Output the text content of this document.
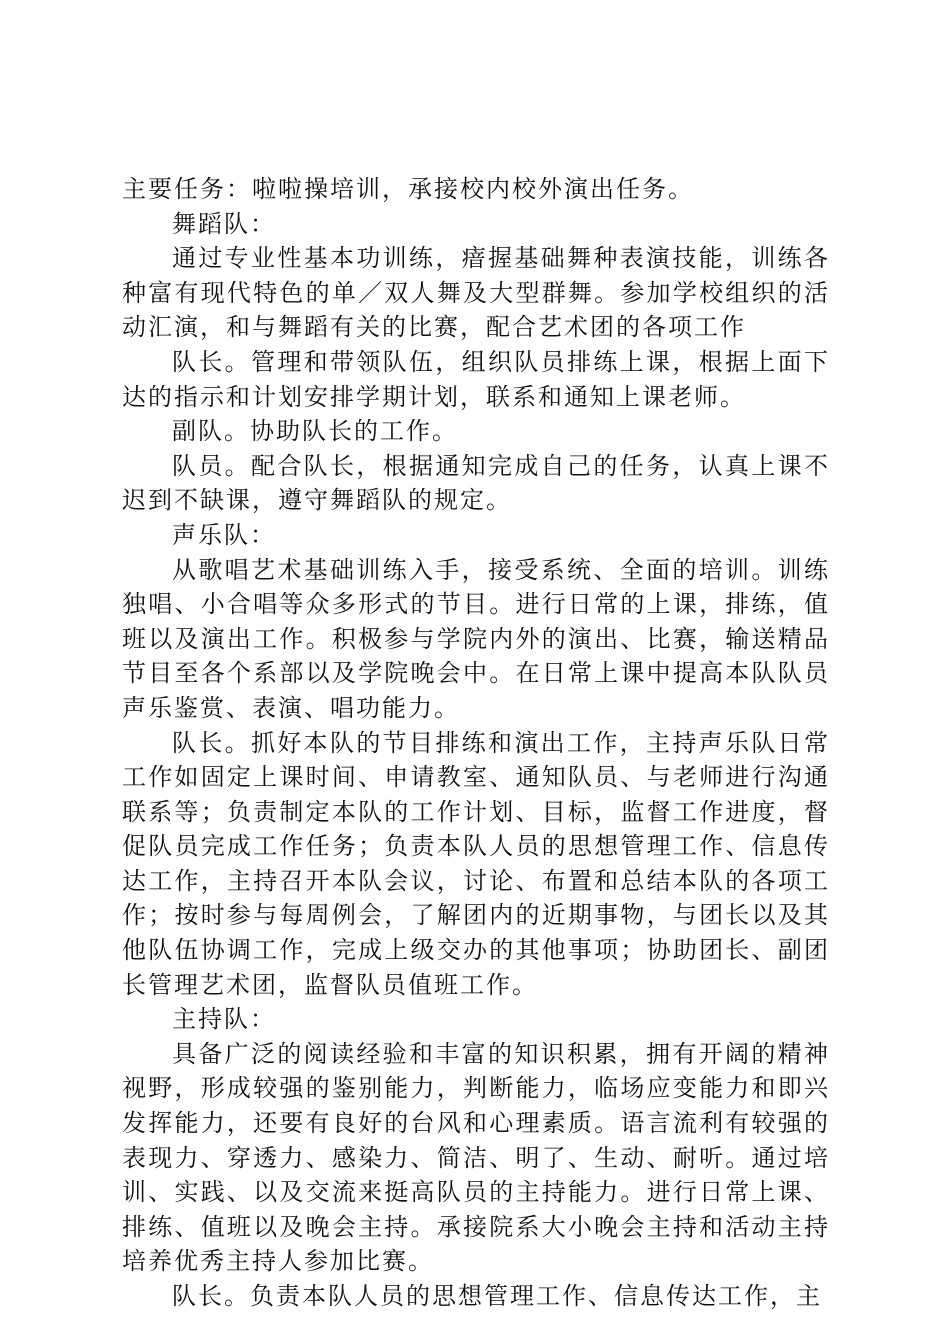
主要任务：啦啦操培训，承接校内校外演出任务。

舞蹈队：

通过专业性基本功训练，瘖握基础舞种表演技能，训练各种富有现代特色的单／双人舞及大型群舞。参加学校组织的活动汇演，和与舞蹈有关的比赛，配合艺术团的各项工作

队长。管理和带领队伍，组织队员排练上课，根据上面下达的指示和计划安排学期计划，联系和通知上课老师。

副队。协助队长的工作。

队员。配合队长，根据通知完成自己的任务，认真上课不迟到不缺课，遵守舞蹈队的规定。

声乐队：

从歌唱艺术基础训练入手，接受系统、全面的培训。训练独唱、小合唱等众多形式的节目。进行日常的上课，排练，值班以及演出工作。积极参与学院内外的演出、比赛，输送精品节目至各个系部以及学院晚会中。在日常上课中提高本队队员声乐鉴赏、表演、唱功能力。

队长。抓好本队的节目排练和演出工作，主持声乐队日常工作如固定上课时间、申请教室、通知队员、与老师进行沟通联系等；负责制定本队的工作计划、目标，监督工作进度，督促队员完成工作任务；负责本队人员的思想管理工作、信息传达工作，主持召开本队会议，讨论、布置和总结本队的各项工作；按时参与每周例会，了解团内的近期事物，与团长以及其他队伍协调工作，完成上级交办的其他事项；协助团长、副团长管理艺术团，监督队员值班工作。

主持队：

具备广泛的阅读经验和丰富的知识积累，拥有开阔的精神视野，形成较强的鉴别能力，判断能力，临场应变能力和即兴发挥能力，还要有良好的台风和心理素质。语言流利有较强的表现力、穿透力、感染力、简洁、明了、生动、耐听。通过培训、实践、以及交流来挺高队员的主持能力。进行日常上课、排练、值班以及晚会主持。承接院系大小晚会主持和活动主持培养优秀主持人参加比赛。

队长。负责本队人员的思想管理工作、信息传达工作，主
